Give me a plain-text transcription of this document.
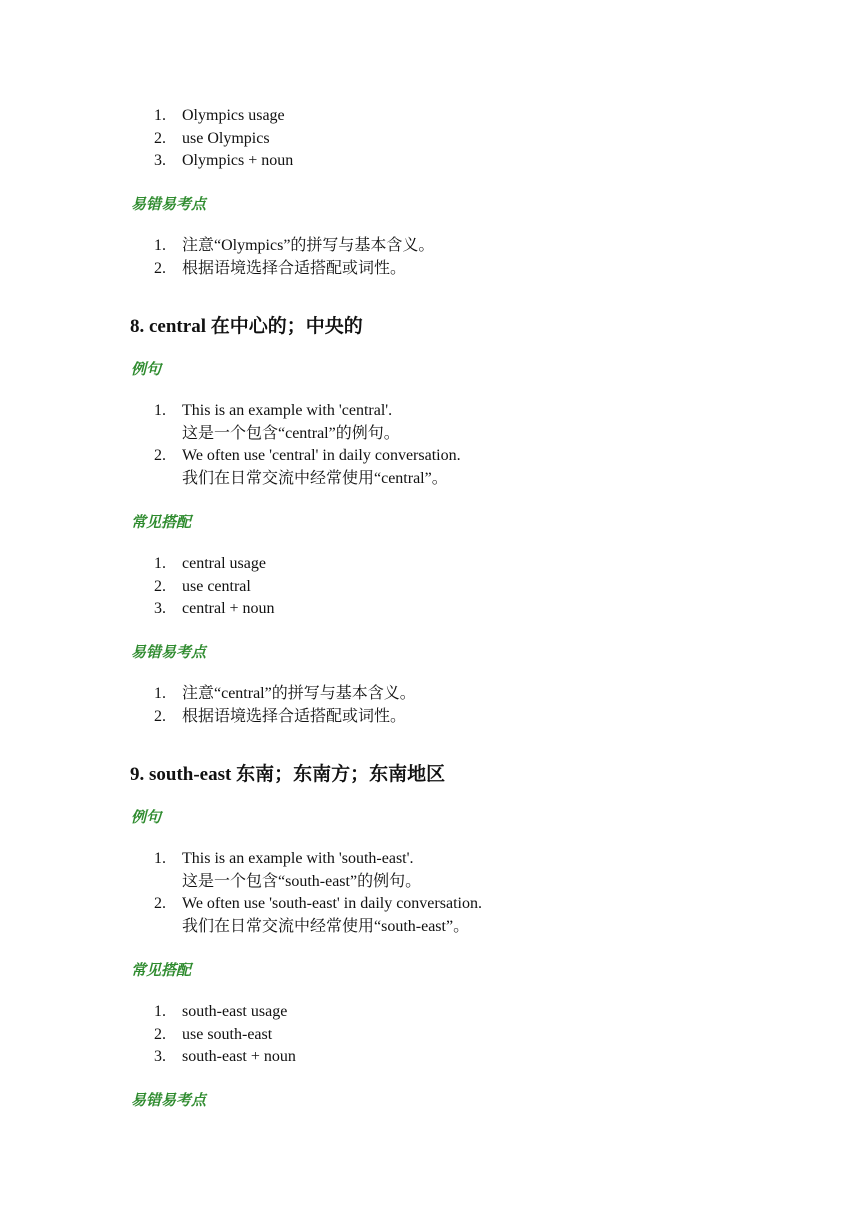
1. Olympics usage
2. use Olympics
3. Olympics + noun
易错易考点
1. 注意“Olympics”的拼写与基本含义。
2. 根据语境选择合适搭配或词性。
8. central 在中心的；中央的
例句
1. This is an example with 'central'.
这是一个包含“central”的例句。
2. We often use 'central' in daily conversation.
我们在日常交流中经常使用“central”。
常见搭配
1. central usage
2. use central
3. central + noun
易错易考点
1. 注意“central”的拼写与基本含义。
2. 根据语境选择合适搭配或词性。
9. south-east 东南；东南方；东南地区
例句
1. This is an example with 'south-east'.
这是一个包含“south-east”的例句。
2. We often use 'south-east' in daily conversation.
我们在日常交流中经常使用“south-east”。
常见搭配
1. south-east usage
2. use south-east
3. south-east + noun
易错易考点
